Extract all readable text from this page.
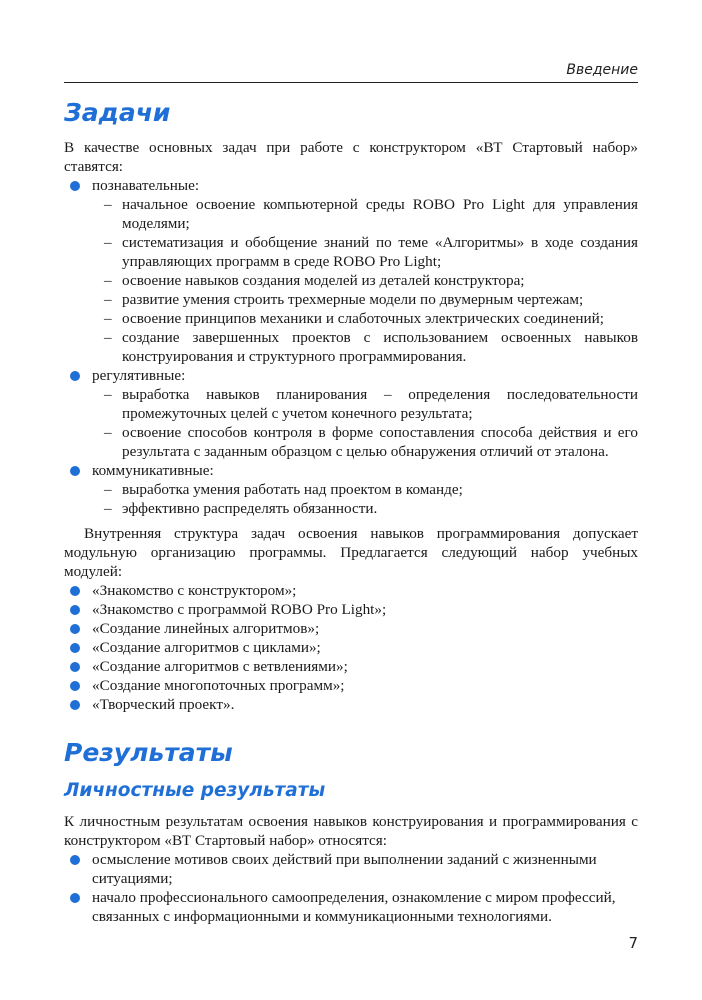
Введение
Задачи

В качестве основных задач при работе с конструктором «ВТ Стартовый набор» ставятся:

познавательные:
– начальное освоение компьютерной среды ROBO Pro Light для управления моделями;
– систематизация и обобщение знаний по теме «Алгоритмы» в ходе создания управляющих программ в среде ROBO Pro Light;
– освоение навыков создания моделей из деталей конструктора;
– развитие умения строить трехмерные модели по двумерным чертежам;
– освоение принципов механики и слаботочных электрических соединений;
– создание завершенных проектов с использованием освоенных навыков конструирования и структурного программирования.
регулятивные:
– выработка навыков планирования – определения последовательности промежуточных целей с учетом конечного результата;
– освоение способов контроля в форме сопоставления способа действия и его результата с заданным образцом с целью обнаружения отличий от эталона.
коммуникативные:
– выработка умения работать над проектом в команде;
– эффективно распределять обязанности.

Внутренняя структура задач освоения навыков программирования допускает модульную организацию программы. Предлагается следующий набор учебных модулей:

«Знакомство с конструктором»;
«Знакомство с программой ROBO Pro Light»;
«Создание линейных алгоритмов»;
«Создание алгоритмов с циклами»;
«Создание алгоритмов с ветвлениями»;
«Создание многопоточных программ»;
«Творческий проект».
Результаты
Личностные результаты

К личностным результатам освоения навыков конструирования и программирования с конструктором «ВТ Стартовый набор» относятся:

осмысление мотивов своих действий при выполнении заданий с жизненными ситуациями;
начало профессионального самоопределения, ознакомление с миром профессий, связанных с информационными и коммуникационными технологиями.
7
